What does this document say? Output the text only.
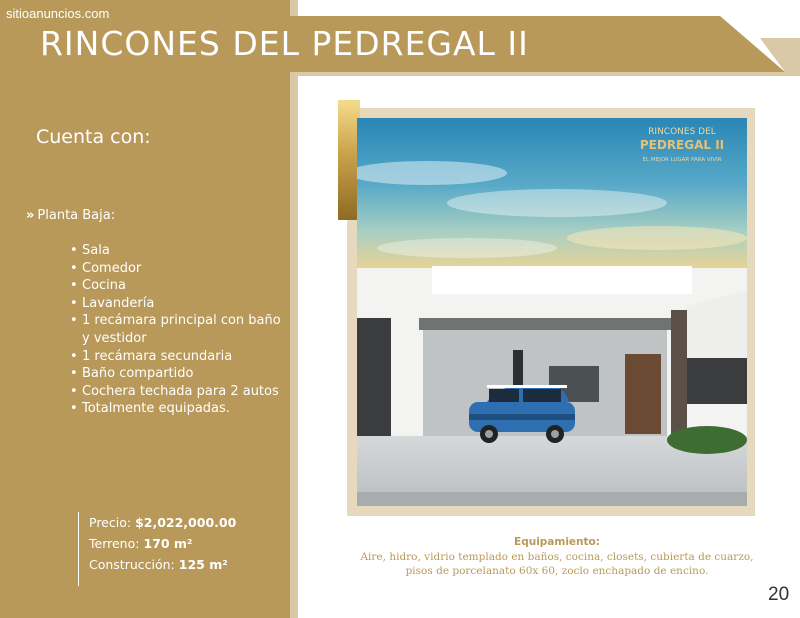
RINCONES DEL PEDREGAL II
sitioanuncios.com
Cuenta con:
» Planta Baja:
• Sala
• Comedor
• Cocina
• Lavandería
• 1 recámara principal con baño y vestidor
• 1 recámara secundaria
• Baño compartido
• Cochera techada para 2 autos
• Totalmente equipadas.
Precio: $2,022,000.00
Terreno: 170 m²
Construcción: 125 m²
RINCONES DEL
PEDREGAL II
EL MEJOR LUGAR PARA VIVIR
Equipamiento:
Aire, hidro, vidrio templado en baños, cocina, closets, cubierta de cuarzo,
pisos de porcelanato 60x 60, zoclo enchapado de encino.
20
